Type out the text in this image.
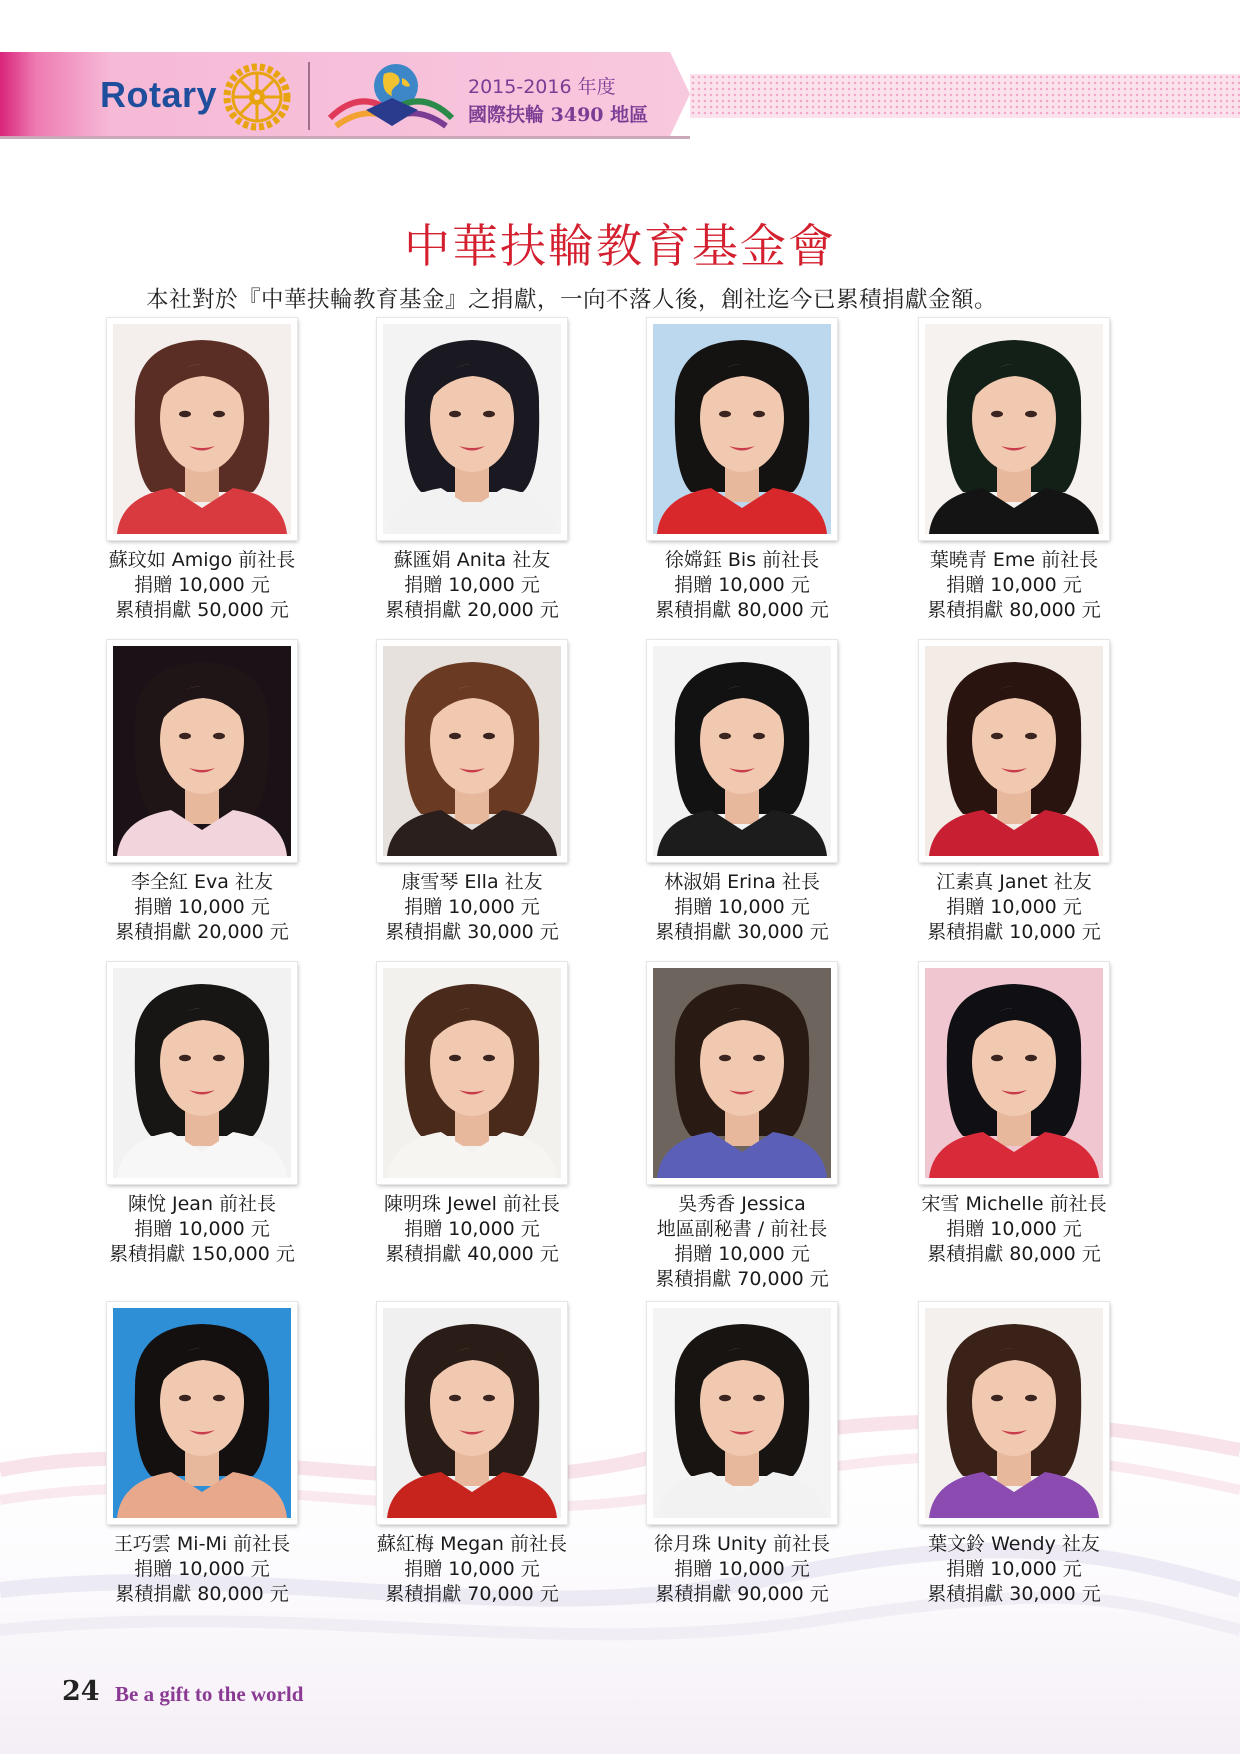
Rotary	2015-2016 年度
國際扶輪 3490 地區
中華扶輪教育基金會
本社對於『中華扶輪教育基金』之捐獻，一向不落人後，創社迄今已累積捐獻金額。
蘇玟如 Amigo 前社長
捐贈 10,000 元
累積捐獻 50,000 元
蘇匯娟 Anita 社友
捐贈 10,000 元
累積捐獻 20,000 元
徐嫦鈺 Bis 前社長
捐贈 10,000 元
累積捐獻 80,000 元
葉曉青 Eme 前社長
捐贈 10,000 元
累積捐獻 80,000 元
李全紅 Eva 社友
捐贈 10,000 元
累積捐獻 20,000 元
康雪琴 Ella 社友
捐贈 10,000 元
累積捐獻 30,000 元
林淑娟 Erina 社長
捐贈 10,000 元
累積捐獻 30,000 元
江素真 Janet 社友
捐贈 10,000 元
累積捐獻 10,000 元
陳悅 Jean 前社長
捐贈 10,000 元
累積捐獻 150,000 元
陳明珠 Jewel 前社長
捐贈 10,000 元
累積捐獻 40,000 元
吳秀香 Jessica
地區副秘書 / 前社長
捐贈 10,000 元
累積捐獻 70,000 元
宋雪 Michelle 前社長
捐贈 10,000 元
累積捐獻 80,000 元
王巧雲 Mi-Mi 前社長
捐贈 10,000 元
累積捐獻 80,000 元
蘇紅梅 Megan 前社長
捐贈 10,000 元
累積捐獻 70,000 元
徐月珠 Unity 前社長
捐贈 10,000 元
累積捐獻 90,000 元
葉文鈴 Wendy 社友
捐贈 10,000 元
累積捐獻 30,000 元
24 Be a gift to the world
